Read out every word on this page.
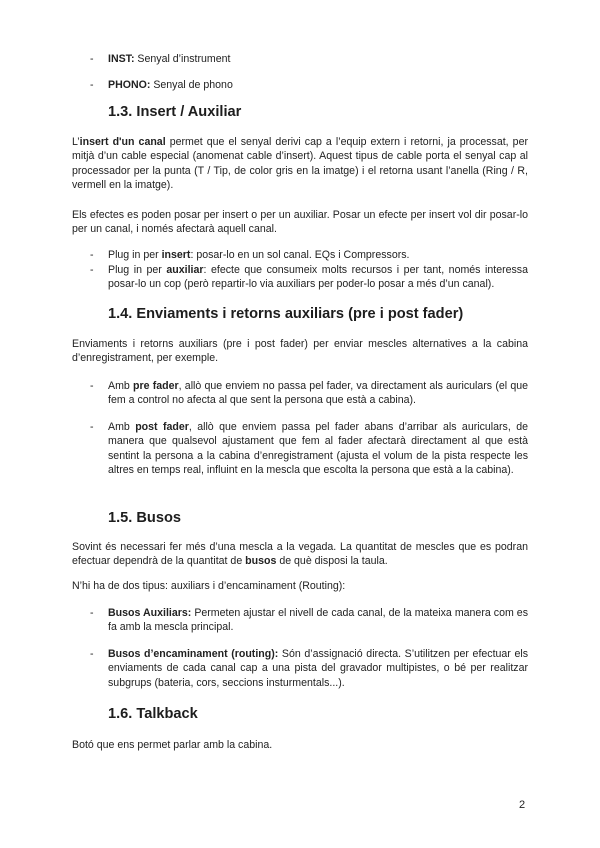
-	INST: Senyal d’instrument
-	PHONO: Senyal de phono
1.3. Insert / Auxiliar
L’insert d'un canal permet que el senyal derivi cap a l’equip extern i retorni, ja processat, per mitjà d’un cable especial (anomenat cable d’insert). Aquest tipus de cable porta el senyal cap al processador per la punta (T / Tip, de color gris en la imatge) i el retorna usant l’anella (Ring / R, vermell en la imatge).
Els efectes es poden posar per insert o per un auxiliar. Posar un efecte per insert vol dir posar-lo per un canal, i només afectarà aquell canal.
-	Plug in per insert: posar-lo en un sol canal. EQs i Compressors.
-	Plug in per auxiliar: efecte que consumeix molts recursos i per tant, només interessa posar-lo un cop (però repartir-lo via auxiliars per poder-lo posar a més d’un canal).
1.4. Enviaments i retorns auxiliars (pre i post fader)
Enviaments i retorns auxiliars (pre i post fader) per enviar mescles alternatives a la cabina d’enregistrament, per exemple.
-	Amb pre fader, allò que enviem no passa pel fader, va directament als auriculars (el que fem a control no afecta al que sent la persona que està a cabina).
-	Amb post fader, allò que enviem passa pel fader abans d’arribar als auriculars, de manera que qualsevol ajustament que fem al fader afectarà directament al que està sentint la persona a la cabina d’enregistrament (ajusta el volum de la pista respecte les altres en temps real, influint en la mescla que escolta la persona que està a la cabina).
1.5. Busos
Sovint és necessari fer més d’una mescla a la vegada. La quantitat de mescles que es podran efectuar dependrà de la quantitat de busos de què disposi la taula.
N’hi ha de dos tipus: auxiliars i d’encaminament (Routing):
-	Busos Auxiliars: Permeten ajustar el nivell de cada canal, de la mateixa manera com es fa amb la mescla principal.
-	Busos d’encaminament (routing): Són d’assignació directa. S’utilitzen per efectuar els enviaments de cada canal cap a una pista del gravador multipistes, o bé per realitzar subgrups (bateria, cors, seccions insturmentals...).
1.6. Talkback
Botó que ens permet parlar amb la cabina.
2
